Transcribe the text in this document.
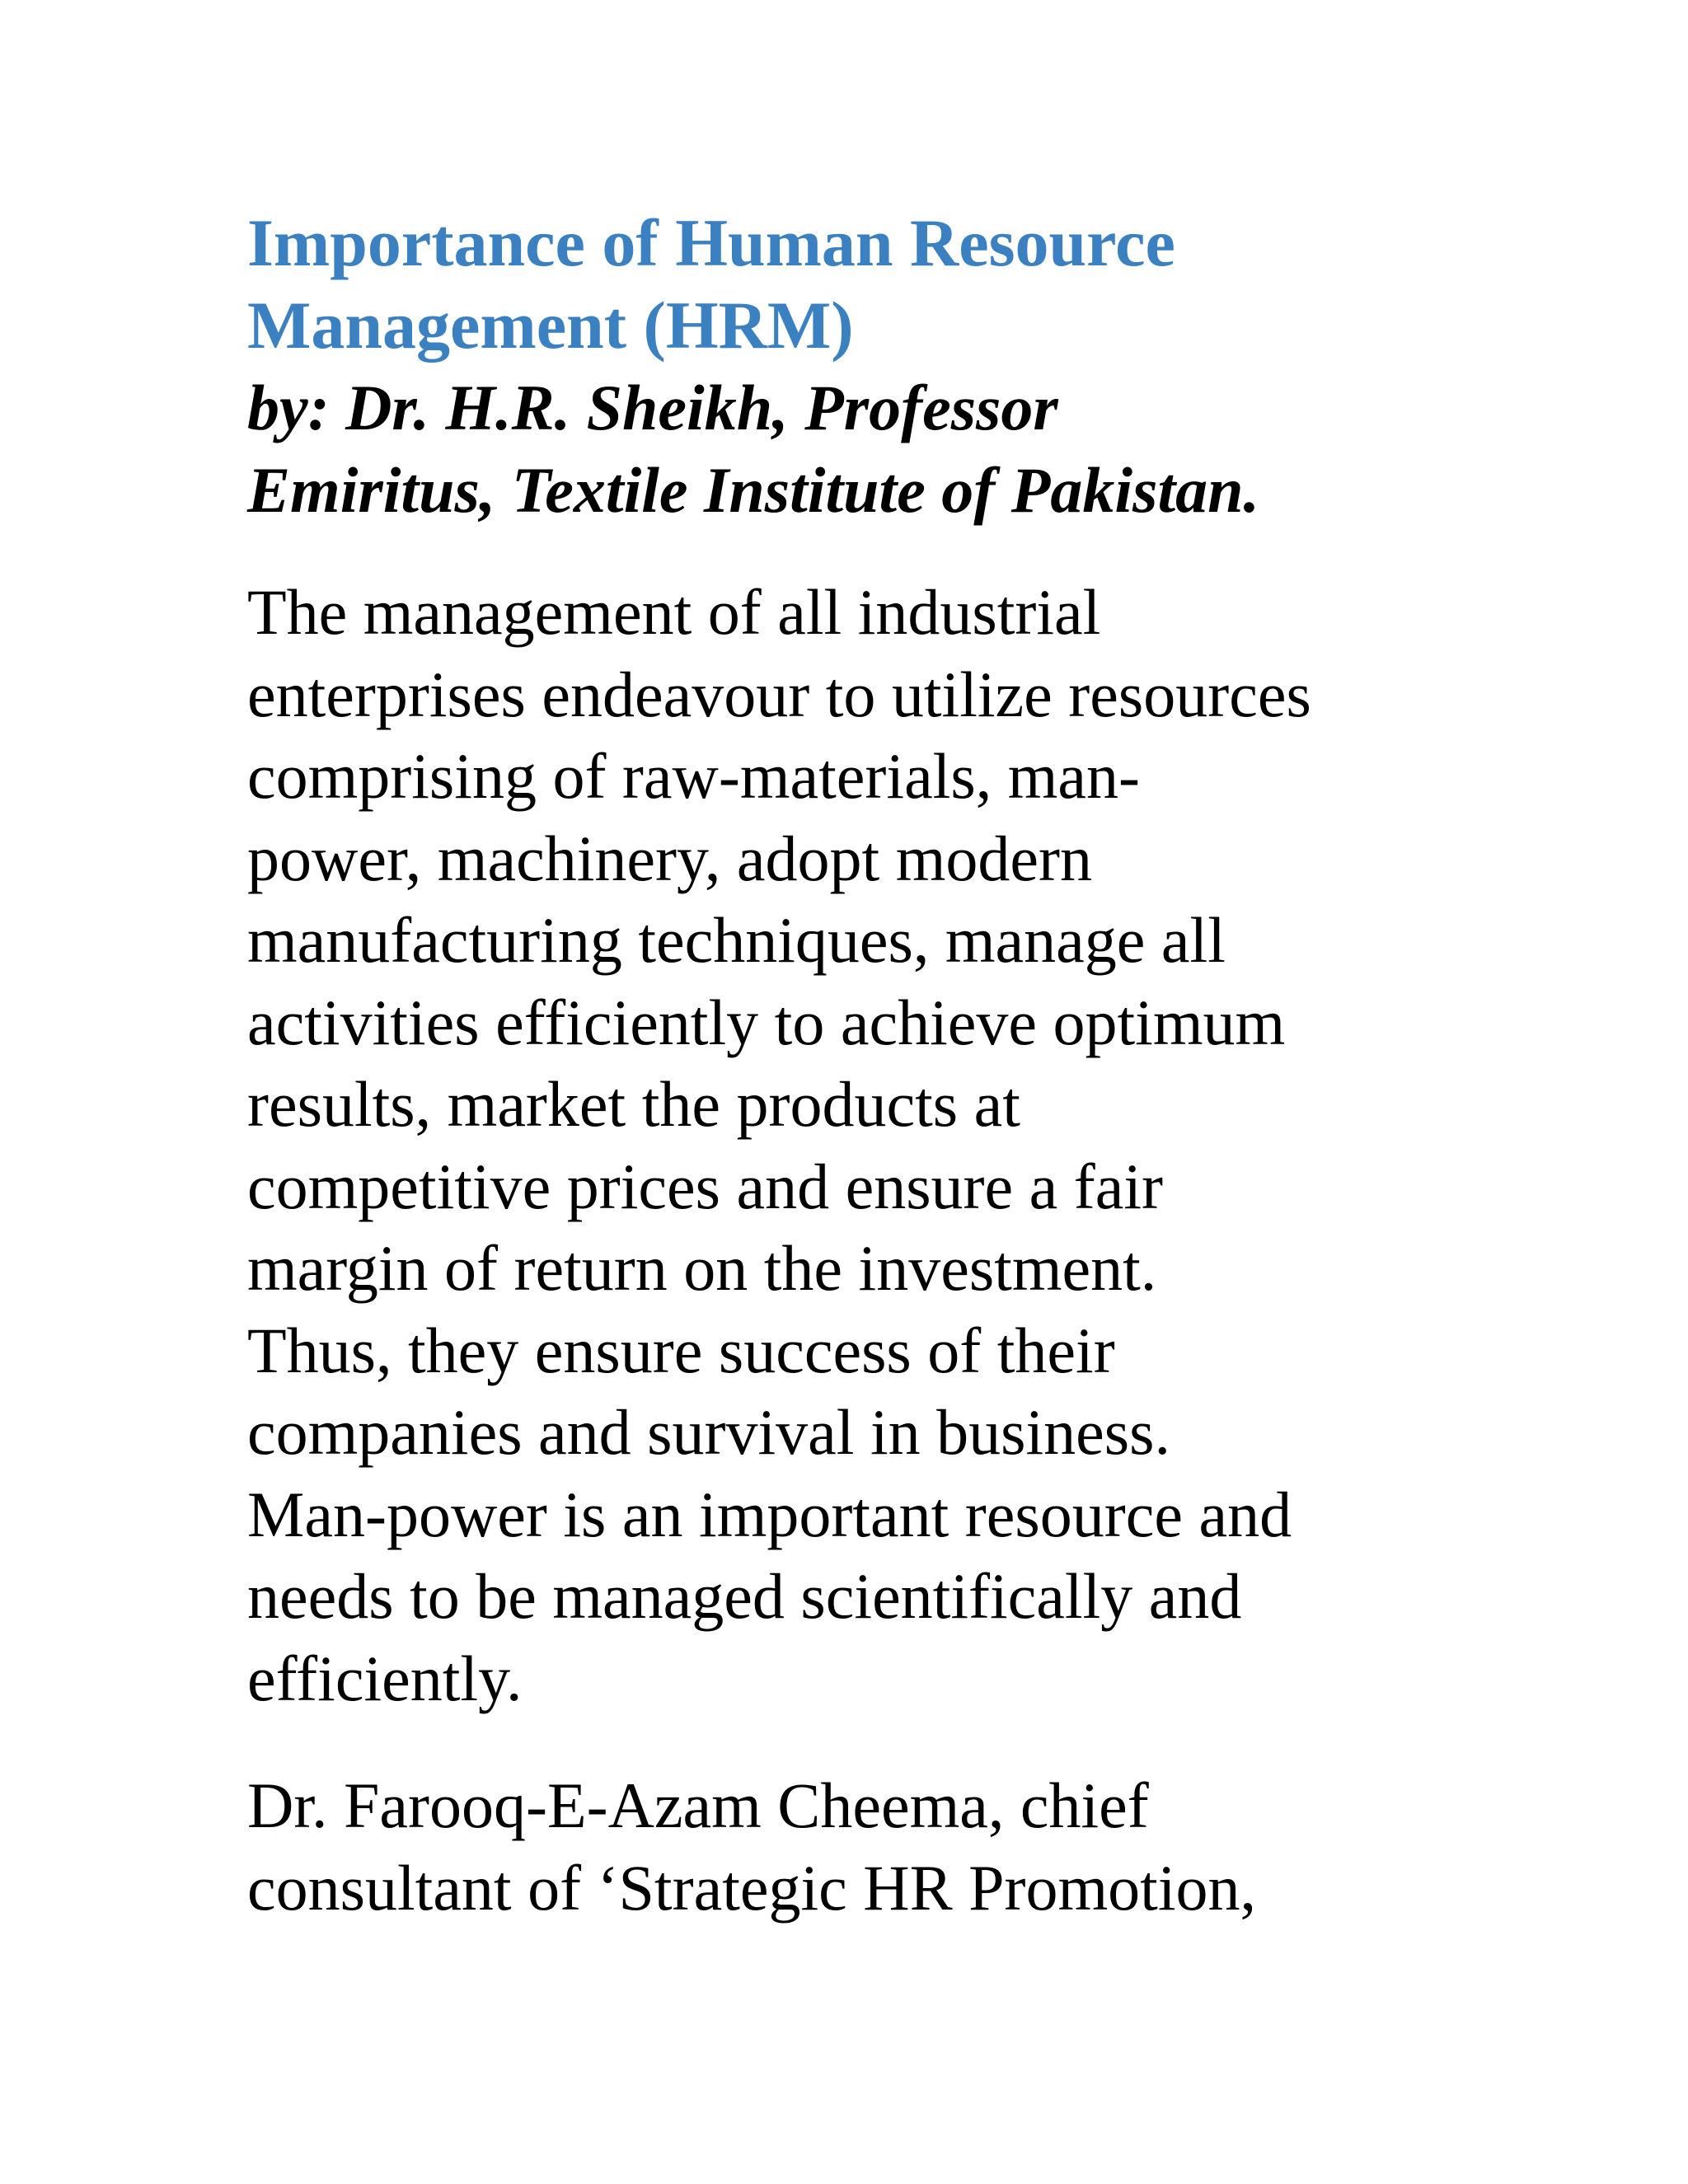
Importance of Human Resource
Management (HRM)

by: Dr. H.R. Sheikh, Professor
Emiritus, Textile Institute of Pakistan.

The management of all industrial
enterprises endeavour to utilize resources
comprising of raw-materials, man-
power, machinery, adopt modern
manufacturing techniques, manage all
activities efficiently to achieve optimum
results, market the products at
competitive prices and ensure a fair
margin of return on the investment.
Thus, they ensure success of their
companies and survival in business.
Man-power is an important resource and
needs to be managed scientifically and
efficiently.

Dr. Farooq-E-Azam Cheema, chief
consultant of ‘Strategic HR Promotion,
